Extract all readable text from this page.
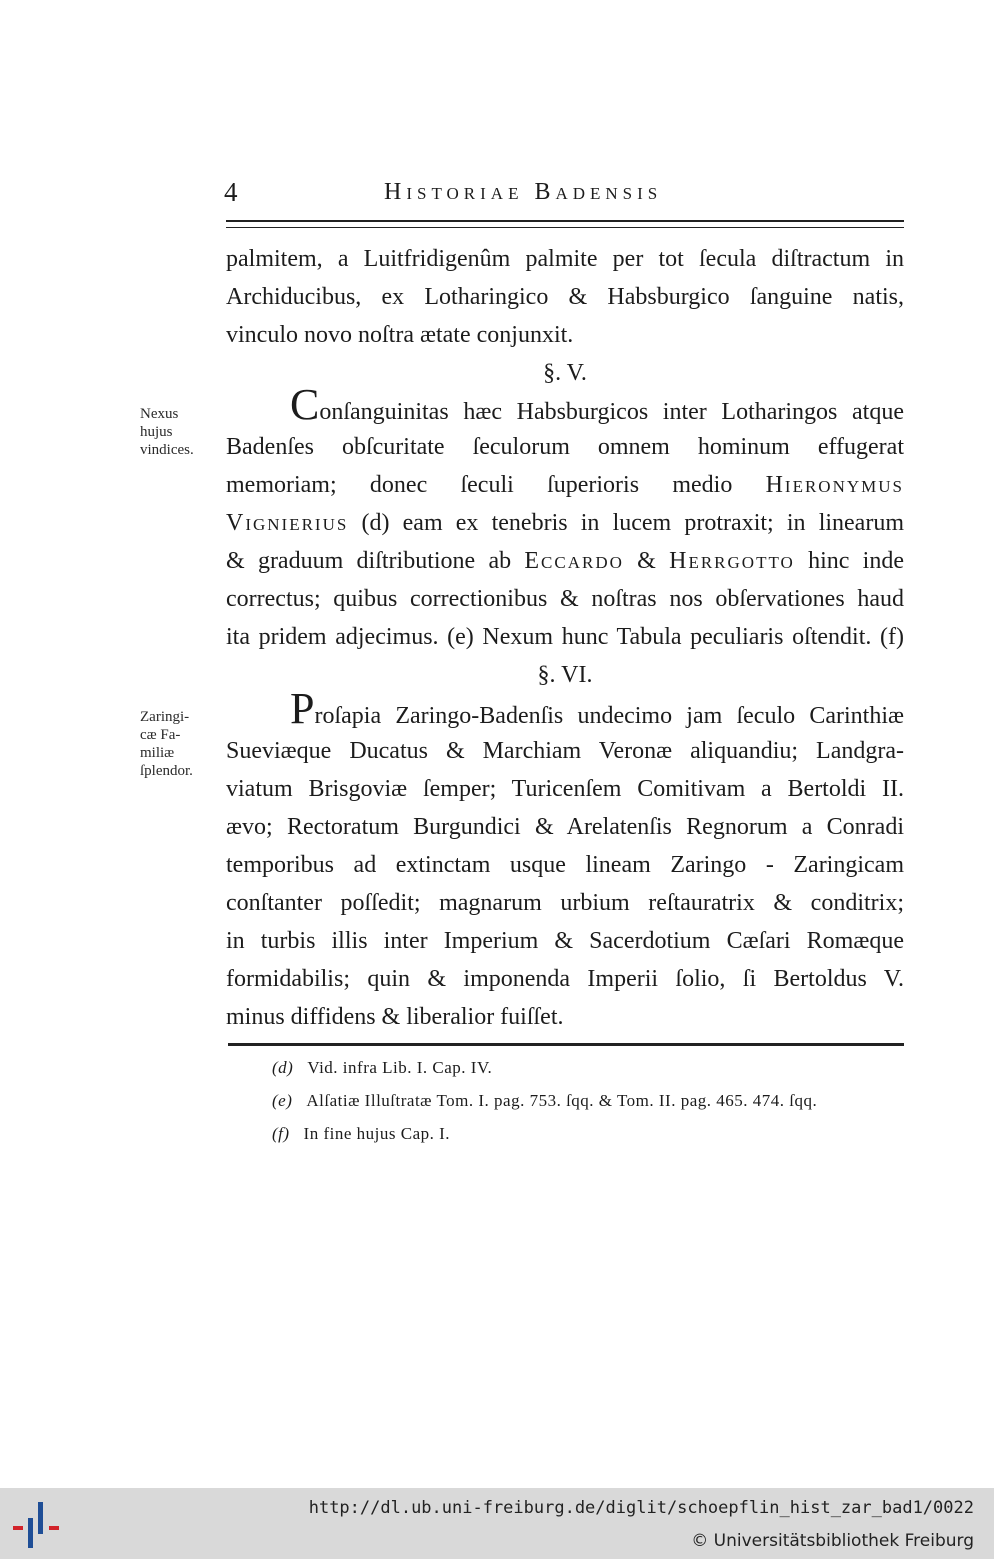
4	Historiae Badensis
palmitem, a Luitfridigenûm palmite per tot ſecula diſtractum in
Archiducibus, ex Lotharingico & Habsburgico ſanguine natis,
vinculo novo noſtra ætate conjunxit.
§. V.
Nexus
hujus
vindices.
Conſanguinitas hæc Habsburgicos inter Lotharingos atque
Badenſes obſcuritate ſeculorum omnem hominum effugerat
memoriam; donec ſeculi ſuperioris medio Hieronymus
Vignierius (d) eam ex tenebris in lucem protraxit; in linearum
& graduum diſtributione ab Eccardo & Herrgotto hinc inde
correctus; quibus correctionibus & noſtras nos obſervationes haud
ita pridem adjecimus. (e) Nexum hunc Tabula peculiaris oſtendit. (f)
§. VI.
Zaringi-
cæ Fa-
miliæ
ſplendor.
Proſapia Zaringo-Badenſis undecimo jam ſeculo Carinthiæ
Sueviæque Ducatus & Marchiam Veronæ aliquandiu; Landgra-
viatum Brisgoviæ ſemper; Turicenſem Comitivam a Bertoldi II.
ævo; Rectoratum Burgundici & Arelatenſis Regnorum a Conradi
temporibus ad extinctam usque lineam Zaringo - Zaringicam
conſtanter poſſedit; magnarum urbium reſtauratrix & conditrix;
in turbis illis inter Imperium & Sacerdotium Cæſari Romæque
formidabilis; quin & imponenda Imperii ſolio, ſi Bertoldus V.
minus diffidens & liberalior fuiſſet.
(d) Vid. infra Lib. I. Cap. IV.
(e) Alſatiæ Illuſtratæ Tom. I. pag. 753. ſqq. & Tom. II. pag. 465. 474. ſqq.
(f) In fine hujus Cap. I.
http://dl.ub.uni-freiburg.de/diglit/schoepflin_hist_zar_bad1/0022
© Universitätsbibliothek Freiburg
